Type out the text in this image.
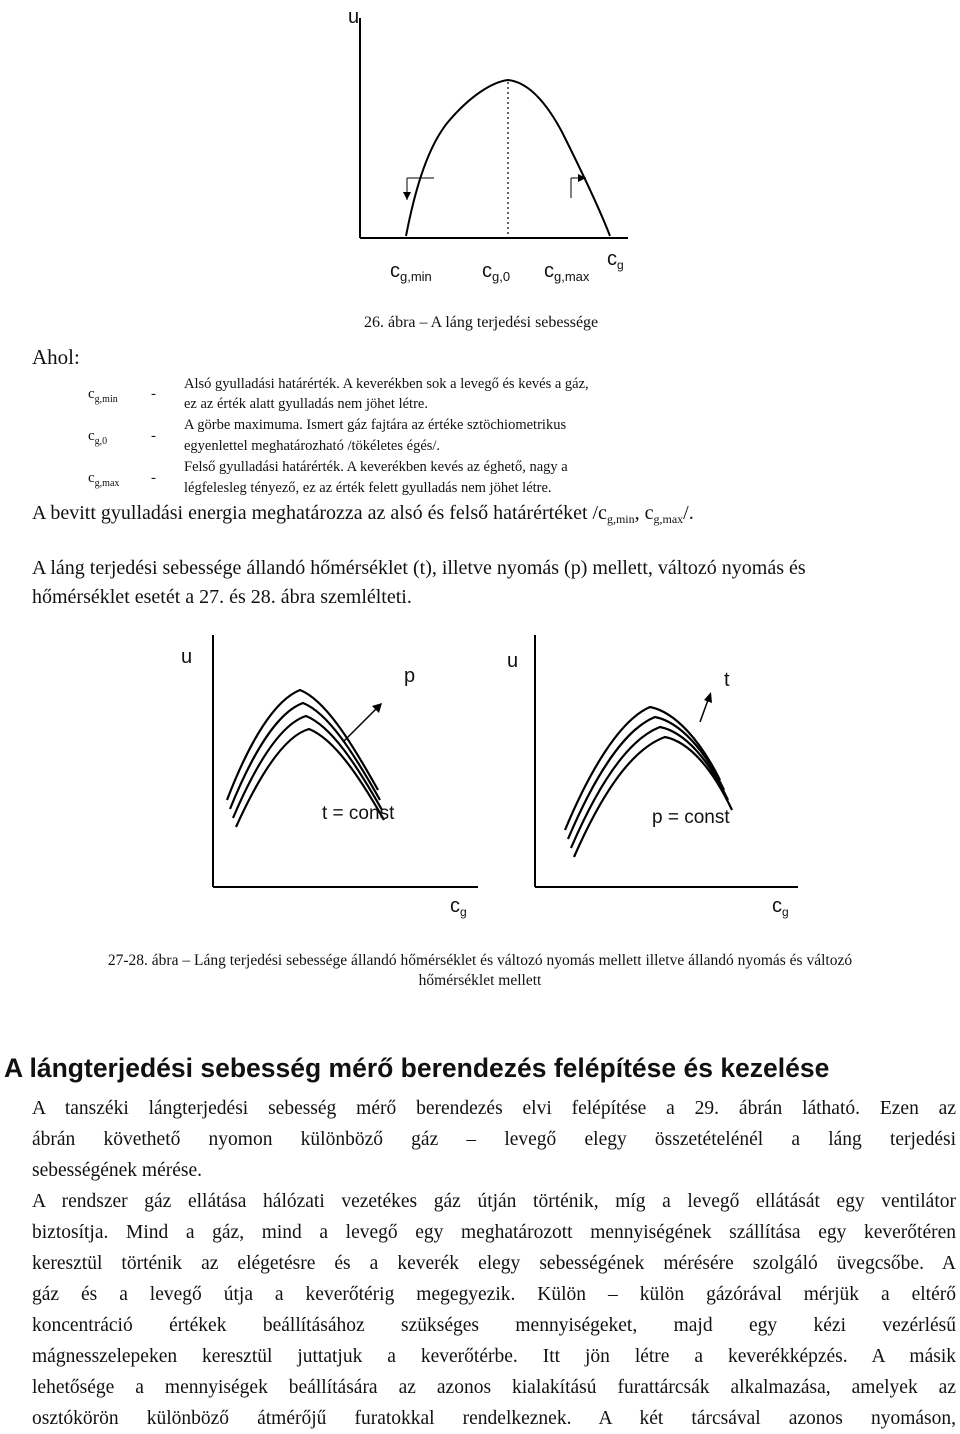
u
$c_g$
$c_{g,min}$	$c_{g,0}$ $c_{g,max}$
26. ábra – A láng terjedési sebessége
Ahol:
$c_{g,min}$ -
Alsó gyulladási határérték. A keverékben sok a levegő és kevés a gáz,
ez az érték alatt gyulladás nem jöhet létre.
$c_{g,0}$	-
A görbe maximuma. Ismert gáz fajtára az értéke sztöchiometrikus
egyenlettel meghatározható /tökéletes égés/.
$c_{g,max}$ -
Felső gyulladási határérték. A keverékben kevés az éghető, nagy a
légfelesleg tényező, ez az érték felett gyulladás nem jöhet létre.
A bevitt gyulladási energia meghatározza az alsó és felső határértéket $/c_{g,min}$, $c_{g,max}/$.
A láng terjedési sebessége állandó hőmérséklet (t), illetve nyomás (p) mellett, változó nyomás és
hőmérséklet esetét a 27. és 28. ábra szemlélteti.
u
p
t = const
$c_g$
u
t
p = const
$c_g$
27-28. ábra – Láng terjedési sebessége állandó hőmérséklet és változó nyomás mellett illetve állandó nyomás és változó
hőmérséklet mellett
A lángterjedési sebesség mérő berendezés felépítése és kezelése
A tanszéki lángterjedési sebesség mérő berendezés elvi felépítése a 29. ábrán látható. Ezen az
ábrán követhető nyomon különböző gáz – levegő elegy összetételénél a láng terjedési
sebességének mérése.
A rendszer gáz ellátása hálózati vezetékes gáz útján történik, míg a levegő ellátását egy ventilátor
biztosítja. Mind a gáz, mind a levegő egy meghatározott mennyiségének szállítása egy keverőtéren
keresztül történik az elégetésre és a keverék elegy sebességének mérésére szolgáló üvegcsőbe. A
gáz és a levegő útja a keverőtérig megegyezik. Külön – külön gázórával mérjük a eltérő
koncentráció értékek beállításához szükséges mennyiségeket, majd egy kézi vezérlésű
mágnesszelepeken keresztül juttatjuk a keverőtérbe. Itt jön létre a keverékképzés. A másik
lehetősége a mennyiségek beállítására az azonos kialakítású furattárcsák alkalmazása, amelyek az
osztókörön különböző átmérőjű furatokkal rendelkeznek. A két tárcsával azonos nyomáson,
